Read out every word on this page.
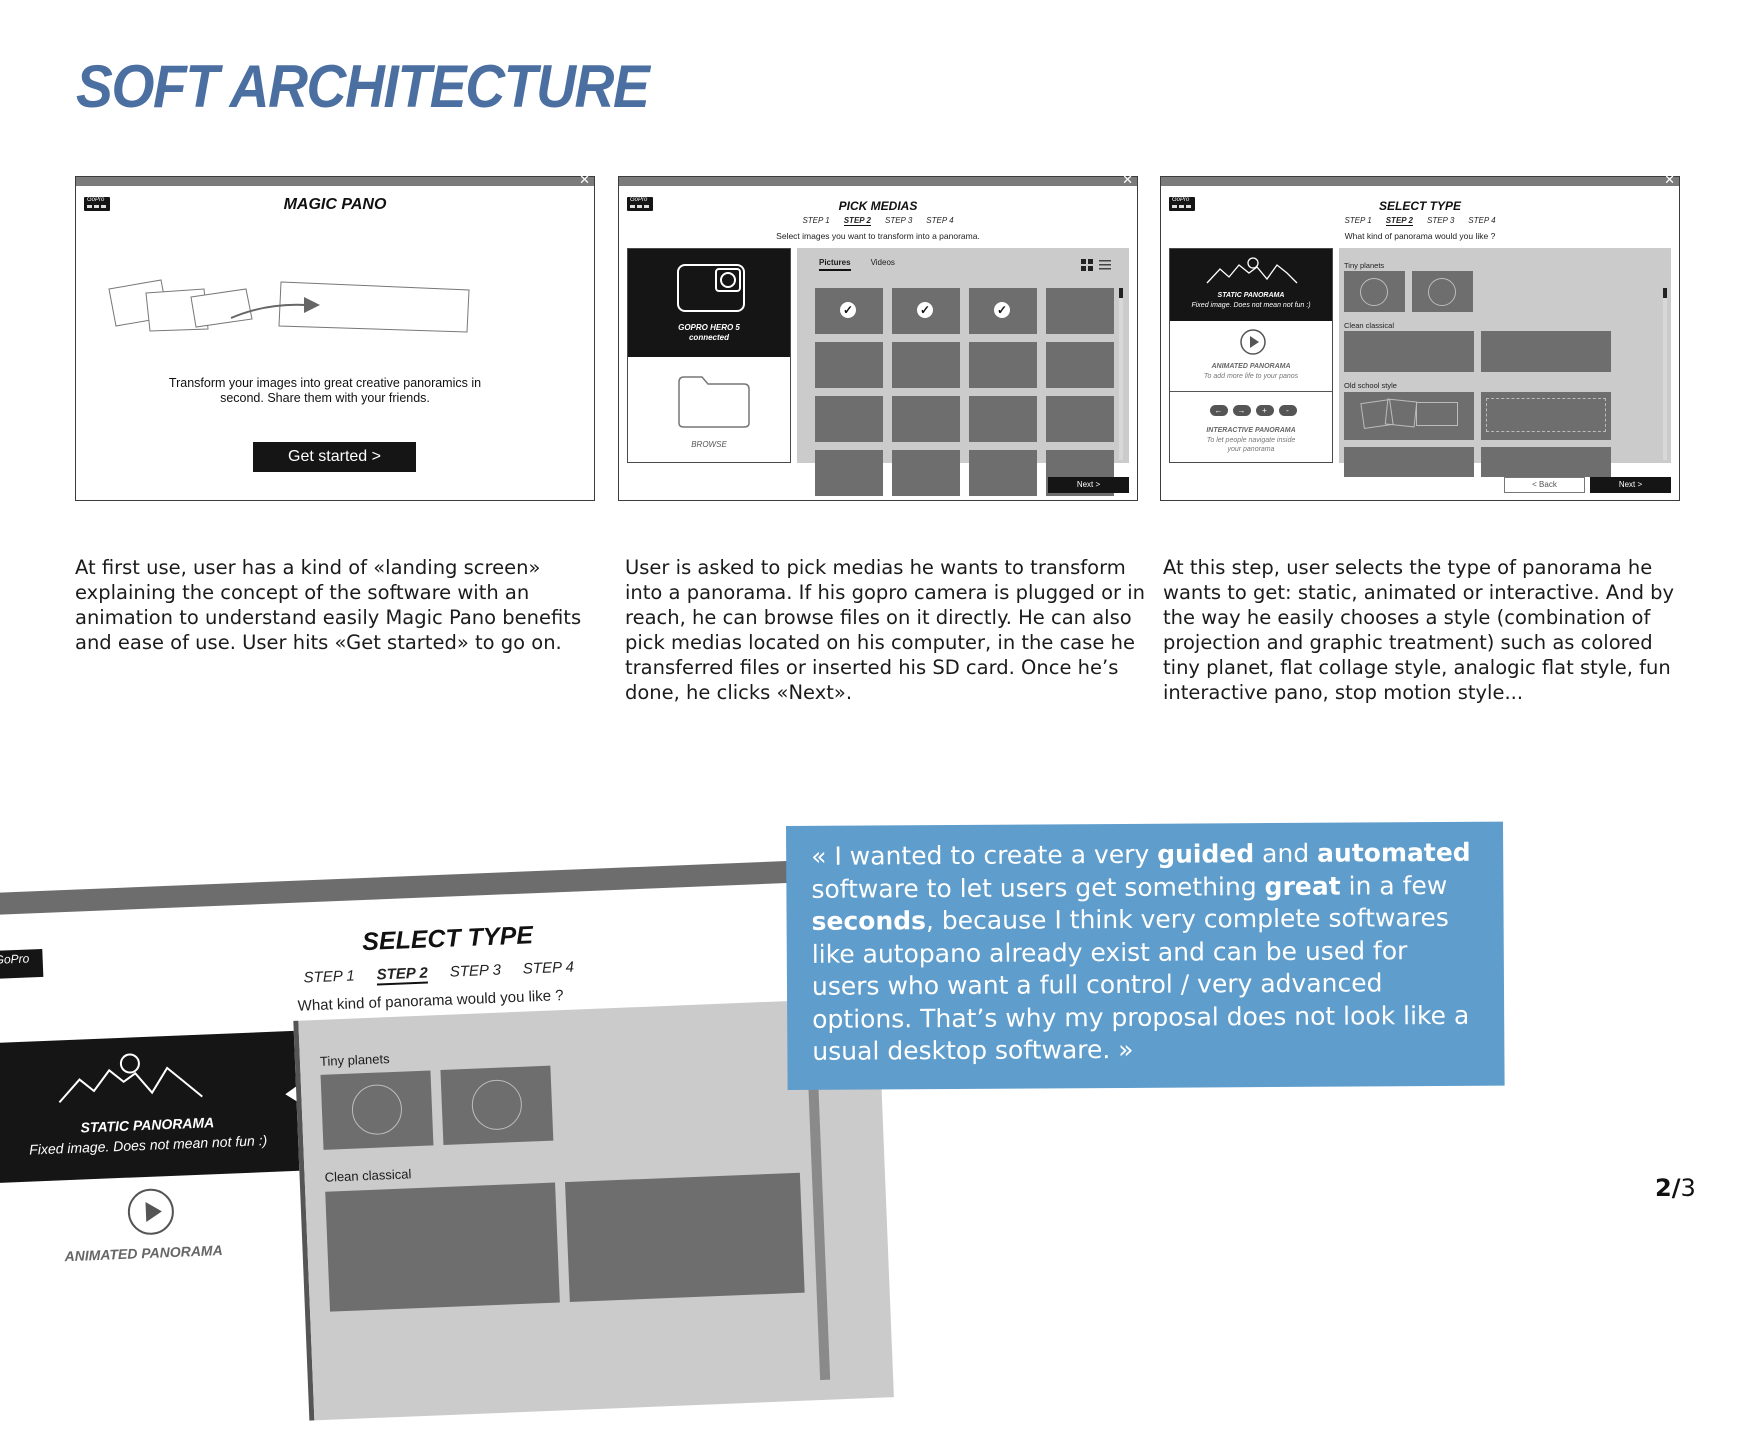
SOFT ARCHITECTURE
✕
GoPro
MAGIC PANO
Transform your images into great creative panoramics in
second. Share them with your friends.
Get started >
✕
GoPro
PICK MEDIAS
STEP 1 STEP 2 STEP 3 STEP 4
Select images you want to transform into a panorama.
GOPRO HERO 5
connected
BROWSE
Pictures	Videos
✓	✓	✓
Next >
✕
GoPro
SELECT TYPE
STEP 1 STEP 2 STEP 3 STEP 4
What kind of panorama would you like ?
STATIC PANORAMA
Fixed image. Does not mean not fun :)
ANIMATED PANORAMA
To add more life to your panos
←	→	+	-
INTERACTIVE PANORAMA
To let people navigate inside
your panorama
Tiny planets
Clean classical
Old school style
< Back	Next >

At first use, user has a kind of «landing screen» explaining the concept of the software with an animation to understand easily Magic Pano benefits and ease of use. User hits «Get started» to go on.

User is asked to pick medias he wants to transform into a panorama. If his gopro camera is plugged or in reach, he can browse files on it directly. He can also pick medias located on his computer, in the case he transferred files or inserted his SD card. Once he’s done, he clicks «Next».

At this step, user selects the type of panorama he wants to get: static, animated or interactive. And by the way he easily chooses a style (combination of projection and graphic treatment) such as colored tiny planet, flat collage style, analogic flat style, fun interactive pano, stop motion style...

GoPro
SELECT TYPE
STEP 1 STEP 2 STEP 3 STEP 4
What kind of panorama would you like ?
STATIC PANORAMA
Fixed image. Does not mean not fun :)
ANIMATED PANORAMA
Tiny planets
Clean classical
« I wanted to create a very guided and automated software to let users get something great in a few seconds, because I think very complete softwares like autopano already exist and can be used for users who want a full control / very advanced options. That’s why my proposal does not look like a usual desktop software. »
2/3
